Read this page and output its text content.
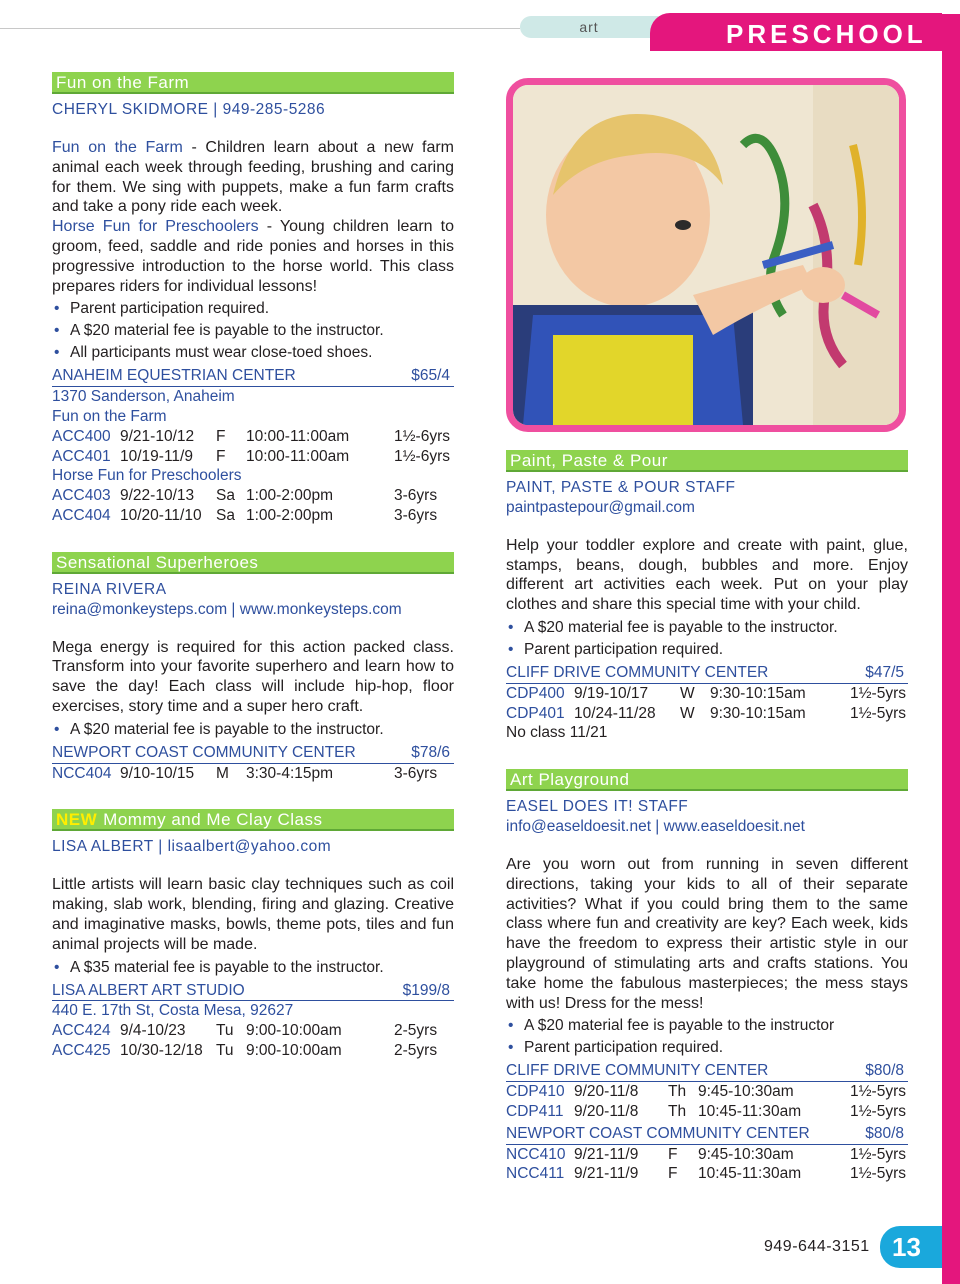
art	PRESCHOOL
Fun on the Farm
CHERYL SKIDMORE | 949-285-5286
Fun on the Farm - Children learn about a new farm animal each week through feeding, brushing and caring for them. We sing with puppets, make a fun farm crafts and take a pony ride each week.
Horse Fun for Preschoolers - Young children learn to groom, feed, saddle and ride ponies and horses in this progressive introduction to the horse world. This class prepares riders for individual lessons!
• Parent participation required.
• A $20 material fee is payable to the instructor.
• All participants must wear close-toed shoes.
ANAHEIM EQUESTRIAN CENTER	$65/4
1370 Sanderson, Anaheim
Fun on the Farm
ACC400 9/21-10/12	F	10:00-11:00am	1½-6yrs
ACC401 10/19-11/9	F	10:00-11:00am	1½-6yrs
Horse Fun for Preschoolers
ACC403 9/22-10/13	Sa 1:00-2:00pm	3-6yrs
ACC404 10/20-11/10 Sa 1:00-2:00pm	3-6yrs
Sensational Superheroes
REINA RIVERA
reina@monkeysteps.com | www.monkeysteps.com
Mega energy is required for this action packed class. Transform into your favorite superhero and learn how to save the day! Each class will include hip-hop, floor exercises, story time and a super hero craft.
• A $20 material fee is payable to the instructor.
NEWPORT COAST COMMUNITY CENTER	$78/6
NCC404 9/10-10/15	M	3:30-4:15pm	3-6yrs
NEW Mommy and Me Clay Class
LISA ALBERT | lisaalbert@yahoo.com
Little artists will learn basic clay techniques such as coil making, slab work, blending, firing and glazing. Creative and imaginative masks, bowls, theme pots, tiles and fun animal projects will be made.
• A $35 material fee is payable to the instructor.
LISA ALBERT ART STUDIO	$199/8
440 E. 17th St, Costa Mesa, 92627
ACC424 9/4-10/23	Tu 9:00-10:00am	2-5yrs
ACC425 10/30-12/18 Tu 9:00-10:00am	2-5yrs
Paint, Paste & Pour
PAINT, PASTE & POUR STAFF
paintpastepour@gmail.com
Help your toddler explore and create with paint, glue, stamps, beans, dough, bubbles and more. Enjoy different art activities each week. Put on your play clothes and share this special time with your child.
• A $20 material fee is payable to the instructor.
• Parent participation required.
CLIFF DRIVE COMMUNITY CENTER	$47/5
CDP400 9/19-10/17	W 9:30-10:15am	1½-5yrs
CDP401 10/24-11/28	W 9:30-10:15am	1½-5yrs
No class 11/21
Art Playground
EASEL DOES IT! STAFF
info@easeldoesit.net | www.easeldoesit.net
Are you worn out from running in seven different directions, taking your kids to all of their separate activities? What if you could bring them to the same class where fun and creativity are key? Each week, kids have the freedom to express their artistic style in our playground of stimulating arts and crafts stations. You take home the fabulous masterpieces; the mess stays with us! Dress for the mess!
• A $20 material fee is payable to the instructor
• Parent participation required.
CLIFF DRIVE COMMUNITY CENTER	$80/8
CDP410 9/20-11/8	Th 9:45-10:30am	1½-5yrs
CDP411 9/20-11/8	Th 10:45-11:30am	1½-5yrs
NEWPORT COAST COMMUNITY CENTER	$80/8
NCC410 9/21-11/9	F	9:45-10:30am	1½-5yrs
NCC411 9/21-11/9	F	10:45-11:30am	1½-5yrs
949-644-3151 13
